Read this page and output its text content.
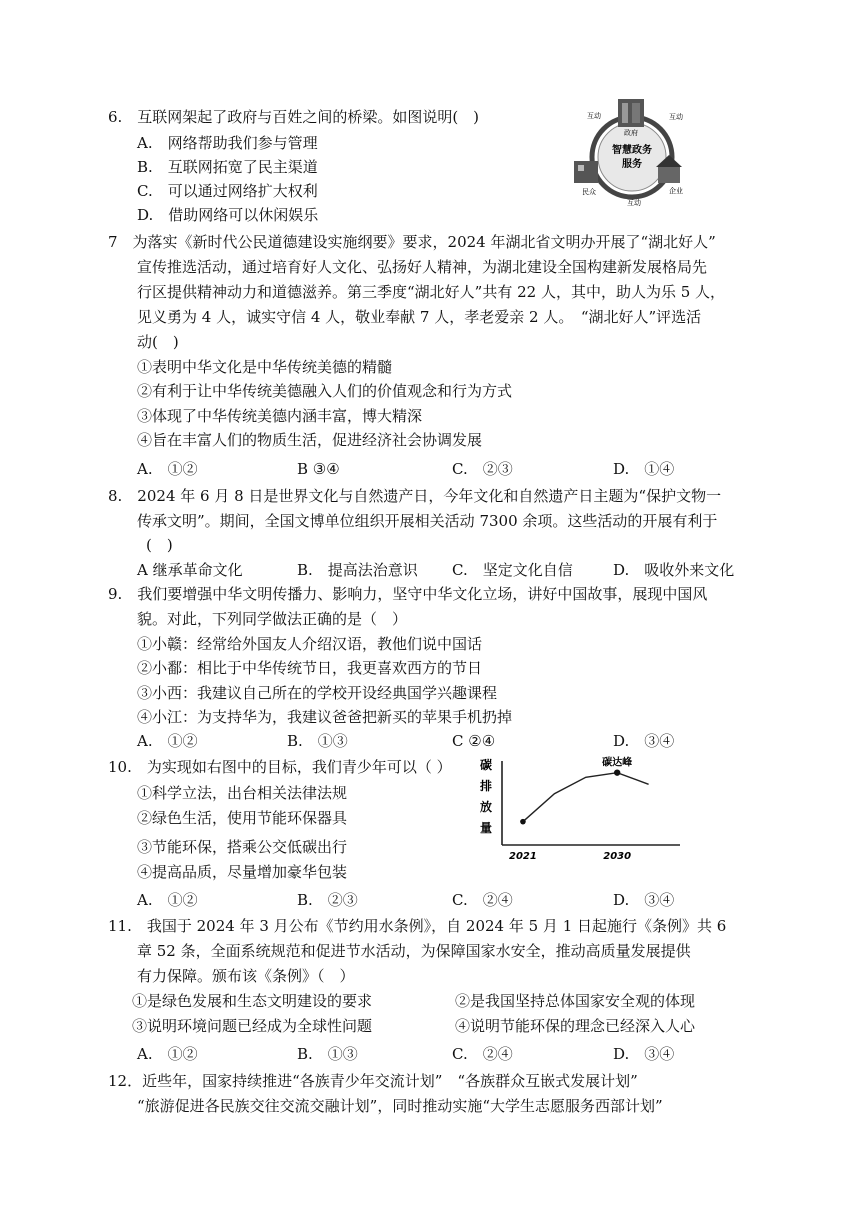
6.　互联网架起了政府与百姓之间的桥梁。如图说明(　)
A.　网络帮助我们参与管理
B.　互联网拓宽了民主渠道
C.　可以通过网络扩大权利
D.　借助网络可以休闲娱乐
智慧政务
服务
政府
企业
民众
互动	互动
互动
7　为落实《新时代公民道德建设实施纲要》要求，2024 年湖北省文明办开展了“湖北好人”
宣传推选活动，通过培育好人文化、弘扬好人精神，为湖北建设全国构建新发展格局先
行区提供精神动力和道德滋养。第三季度“湖北好人”共有 22 人，其中，助人为乐 5 人，
见义勇为 4 人，诚实守信 4 人，敬业奉献 7 人，孝老爱亲 2 人。　“湖北好人”评选活
动(　)
①表明中华文化是中华传统美德的精髓
②有利于让中华传统美德融入人们的价值观念和行为方式
③体现了中华传统美德内涵丰富，博大精深
④旨在丰富人们的物质生活，促进经济社会协调发展
A.　①②	B ③④	C.　②③	D.　①④
8.　2024 年 6 月 8 日是世界文化与自然遗产日，今年文化和自然遗产日主题为“保护文物一
传承文明”。期间，全国文博单位组织开展相关活动 7300 余项。这些活动的开展有利于
(　)
A 继承革命文化	B.　提高法治意识 C.　坚定文化自信	D.　吸收外来文化
9.　我们要增强中华文明传播力、影响力，坚守中华文化立场，讲好中国故事，展现中国风
貌。对此，下列同学做法正确的是（　）
①小赣：经常给外国友人介绍汉语，教他们说中国话
②小鄱：相比于中华传统节日，我更喜欢西方的节日
③小西：我建议自己所在的学校开设经典国学兴趣课程
④小江：为支持华为，我建议爸爸把新买的苹果手机扔掉
A.　①②	B.　①③	C ②④	D.　③④
10.　为实现如右图中的目标，我们青少年可以（ ）
①科学立法，出台相关法律法规
②绿色生活，使用节能环保器具
③节能环保，搭乘公交低碳出行
④提高品质，尽量增加豪华包装
A.　①②	B.　②③	C.　②④	D.　③④
碳
排
放
量
碳达峰
2021	2030
11.　我国于 2024 年 3 月公布《节约用水条例》，自 2024 年 5 月 1 日起施行《条例》共 6
章 52 条，全面系统规范和促进节水活动，为保障国家水安全，推动高质量发展提供
有力保障。颁布该《条例》（　）
①是绿色发展和生态文明建设的要求	②是我国坚持总体国家安全观的体现
③说明环境问题已经成为全球性问题	④说明节能环保的理念已经深入人心
A.　①②	B.　①③	C.　②④	D.　③④
12．近些年，国家持续推进“各族青少年交流计划”　“各族群众互嵌式发展计划”
“旅游促进各民族交往交流交融计划”，同时推动实施“大学生志愿服务西部计划”
